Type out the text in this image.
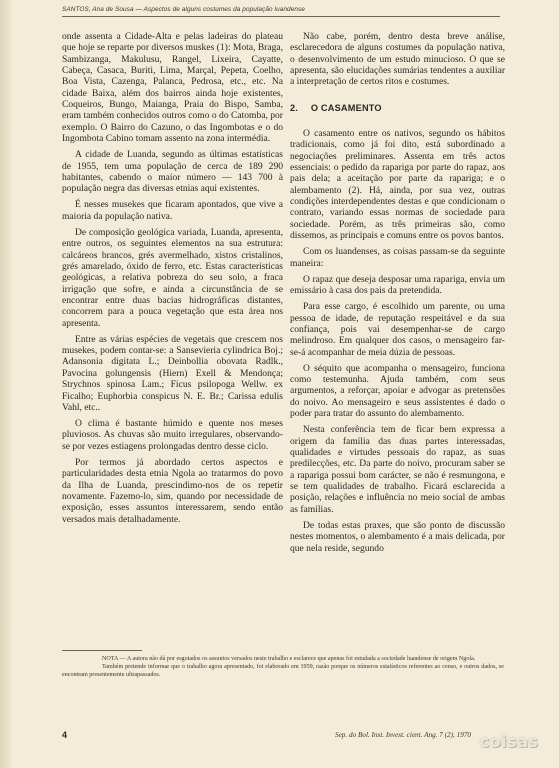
SANTOS, Ana de Sousa — Aspectos de alguns costumes da população luandense

onde assenta a Cidade-Alta e pelas ladeiras do plateau que hoje se reparte por diversos muskes (1): Mota, Braga, Sambizanga, Makulusu, Rangel, Lixeira, Cayatte, Cabeça, Casaca, Buriti, Lima, Marçal, Pepeta, Coelho, Boa Vista, Cazenga, Palanca, Pedrosa, etc., etc. Na cidade Baixa, além dos bairros ainda hoje existentes, Coqueiros, Bungo, Maianga, Praia do Bispo, Samba, eram também conhecidos outros como o do Catomba, por exemplo. O Bairro do Cazuno, o das Ingombotas e o do Ingombota Cabino tomam assento na zona intermédia.

A cidade de Luanda, segundo as últimas estatísticas de 1955, tem uma população de cerca de 189 290 habitantes, cabendo o maior número — 143 700 à população negra das diversas etnias aqui existentes.

É nesses musekes que ficaram apontados, que vive a maioria da população nativa.

De composição geológica variada, Luanda, apresenta, entre outros, os seguintes elementos na sua estrutura: calcáreos brancos, grés avermelhado, xistos cristalinos, grés amarelado, óxido de ferro, etc. Estas características geológicas, a relativa pobreza do seu solo, a fraca irrigação que sofre, e ainda a circunstância de se encontrar entre duas bacias hidrográficas distantes, concorrem para a pouca vegetação que esta área nos apresenta.

Entre as várias espécies de vegetais que crescem nos musekes, podem contar-se: a Sansevieria cylindrica Boj.; Adansonia digitata L.; Deinbollia obovata Radlk., Pavocina golungensis (Hiern) Exell & Mendonça; Strychnos spinosa Lam.; Ficus psilopoga Wellw. ex Ficalho; Euphorbia conspicus N. E. Br.; Carissa edulis Vahl, etc..

O clima é bastante húmido e quente nos meses pluviosos. As chuvas são muito irregulares, observando-se por vezes estiagens prolongadas dentro desse ciclo.

Por termos já abordado certos aspectos e particularidades desta etnia Ngola ao tratarmos do povo da Ilha de Luanda, prescindimo-nos de os repetir novamente. Fazemo-lo, sim, quando por necessidade de exposição, esses assuntos interessarem, sendo então versados mais detalhadamente.

Não cabe, porém, dentro desta breve análise, esclarecedora de alguns costumes da população nativa, o desenvolvimento de um estudo minucioso. O que se apresenta, são elucidações sumárias tendentes a auxiliar a interpretação de certos ritos e costumes.

2. O CASAMENTO

O casamento entre os nativos, segundo os hábitos tradicionais, como já foi dito, está subordinado a negociações preliminares. Assenta em três actos essenciais: o pedido da rapariga por parte do rapaz, aos pais dela; a aceitação por parte da rapariga; e o alembamento (2). Há, ainda, por sua vez, outras condições interdependentes destas e que condicionam o contrato, variando essas normas de sociedade para sociedade. Porém, as três primeiras são, como dissemos, as principais e comuns entre os povos bantos.

Com os luandenses, as coisas passam-se da seguinte maneira:

O rapaz que deseja desposar uma rapariga, envia um emissário à casa dos pais da pretendida.

Para esse cargo, é escolhido um parente, ou uma pessoa de idade, de reputação respeitável e da sua confiança, pois vai desempenhar-se de cargo melindroso. Em qualquer dos casos, o mensageiro far-se-á acompanhar de meia dúzia de pessoas.

O séquito que acompanha o mensageiro, funciona como testemunha. Ajuda também, com seus argumentos, a reforçar, apoiar e advogar as pretensões do noivo. Ao mensageiro e seus assistentes é dado o poder para tratar do assunto do alembamento.

Nesta conferência tem de ficar bem expressa a origem da família das duas partes interessadas, qualidades e virtudes pessoais do rapaz, as suas predilecções, etc. Da parte do noivo, procuram saber se a rapariga possui bom carácter, se não é resmungona, e se tem qualidades de trabalho. Ficará esclarecida a posição, relações e influência no meio social de ambas as famílias.

De todas estas praxes, que são ponto de discussão nestes momentos, o alembamento é a mais delicada, por que nela reside, segundo

NOTA — A autora não dá por esgotados os assuntos versados neste trabalho e esclarece que apenas foi estudada a sociedade luandense de origem Ngola.

Também pretende informar que o trabalho agora apresentado, foi elaborado em 1959, razão porque os números estatísticos referentes ao censo, e outros dados, se encontram presentemente ultrapassados.

4	Sep. do Bol. Inst. Invest. cient. Ang. 7 (2), 1970 coisas
